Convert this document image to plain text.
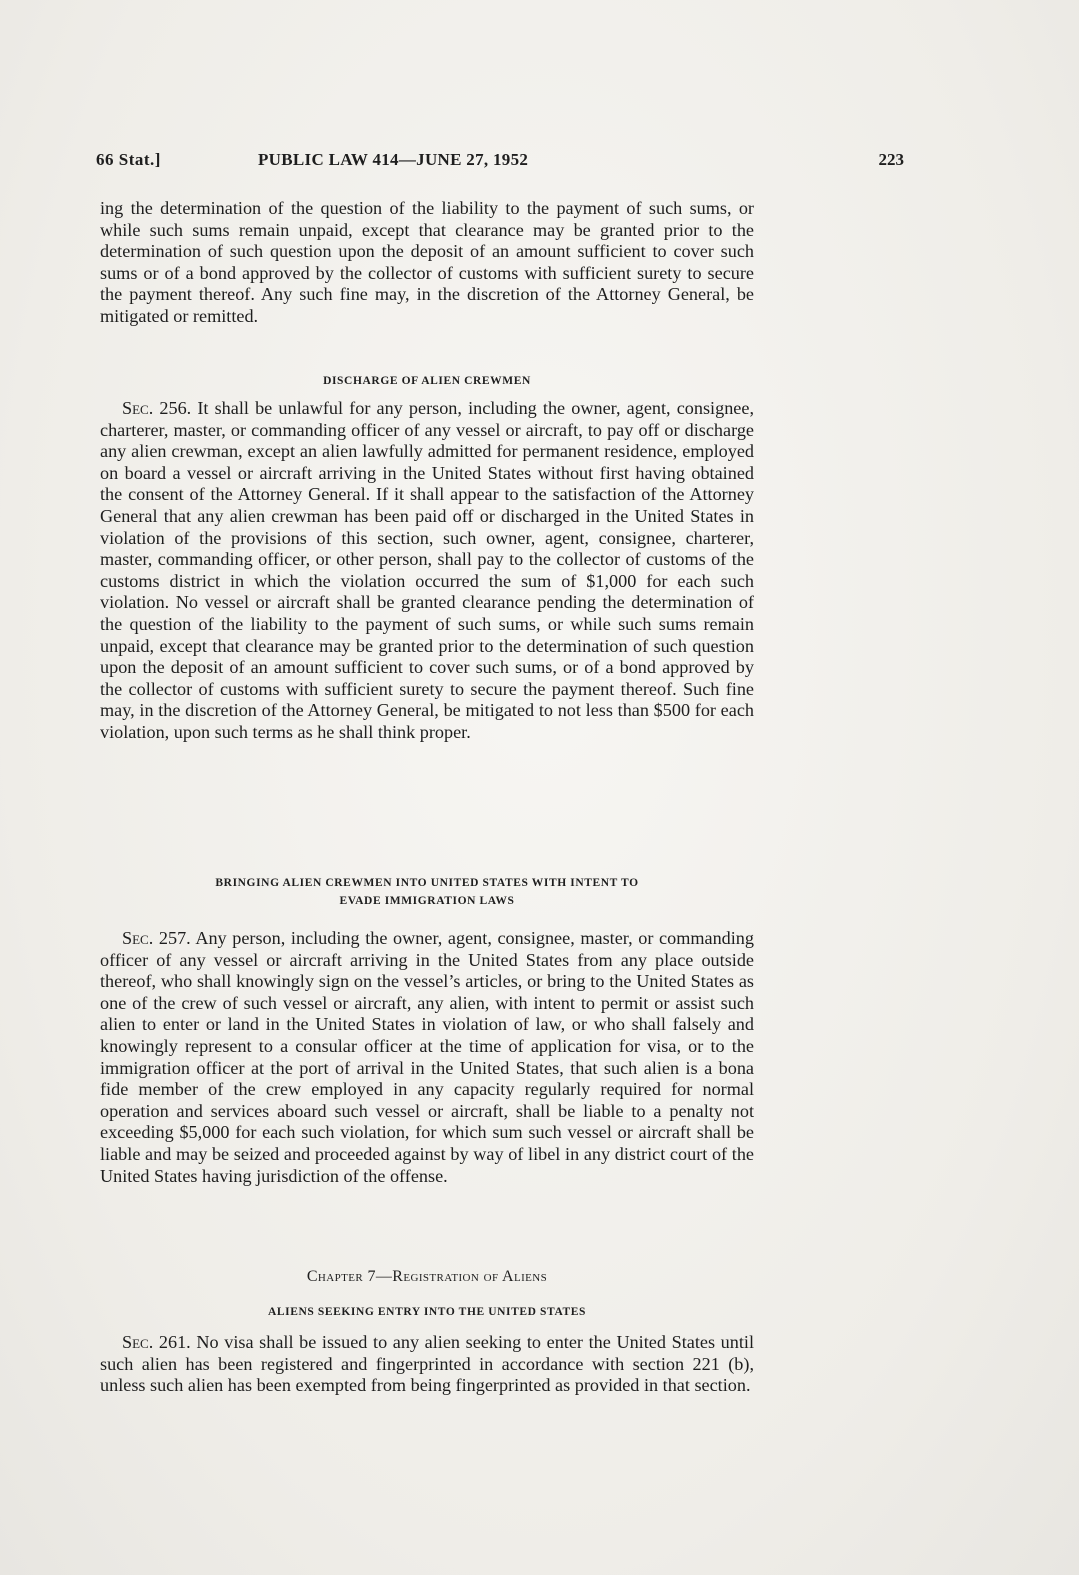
66 Stat.]	PUBLIC LAW 414—JUNE 27, 1952	223
ing the determination of the question of the liability to the payment of such sums, or while such sums remain unpaid, except that clearance may be granted prior to the determination of such question upon the deposit of an amount sufficient to cover such sums or of a bond approved by the collector of customs with sufficient surety to secure the payment thereof. Any such fine may, in the discretion of the Attorney General, be mitigated or remitted.
DISCHARGE OF ALIEN CREWMEN
Sec. 256. It shall be unlawful for any person, including the owner, agent, consignee, charterer, master, or commanding officer of any vessel or aircraft, to pay off or discharge any alien crewman, except an alien lawfully admitted for permanent residence, employed on board a vessel or aircraft arriving in the United States without first having obtained the consent of the Attorney General. If it shall appear to the satisfaction of the Attorney General that any alien crewman has been paid off or discharged in the United States in violation of the provisions of this section, such owner, agent, consignee, charterer, master, commanding officer, or other person, shall pay to the collector of customs of the customs district in which the violation occurred the sum of $1,000 for each such violation. No vessel or aircraft shall be granted clearance pending the determination of the question of the liability to the payment of such sums, or while such sums remain unpaid, except that clearance may be granted prior to the determination of such question upon the deposit of an amount sufficient to cover such sums, or of a bond approved by the collector of customs with sufficient surety to secure the payment thereof. Such fine may, in the discretion of the Attorney General, be mitigated to not less than $500 for each violation, upon such terms as he shall think proper.
BRINGING ALIEN CREWMEN INTO UNITED STATES WITH INTENT TO
EVADE IMMIGRATION LAWS
Sec. 257. Any person, including the owner, agent, consignee, master, or commanding officer of any vessel or aircraft arriving in the United States from any place outside thereof, who shall knowingly sign on the vessel’s articles, or bring to the United States as one of the crew of such vessel or aircraft, any alien, with intent to permit or assist such alien to enter or land in the United States in violation of law, or who shall falsely and knowingly represent to a consular officer at the time of application for visa, or to the immigration officer at the port of arrival in the United States, that such alien is a bona fide member of the crew employed in any capacity regularly required for normal operation and services aboard such vessel or aircraft, shall be liable to a penalty not exceeding $5,000 for each such violation, for which sum such vessel or aircraft shall be liable and may be seized and proceeded against by way of libel in any district court of the United States having jurisdiction of the offense.
Chapter 7—Registration of Aliens
ALIENS SEEKING ENTRY INTO THE UNITED STATES
Sec. 261. No visa shall be issued to any alien seeking to enter the United States until such alien has been registered and fingerprinted in accordance with section 221 (b), unless such alien has been exempted from being fingerprinted as provided in that section.
